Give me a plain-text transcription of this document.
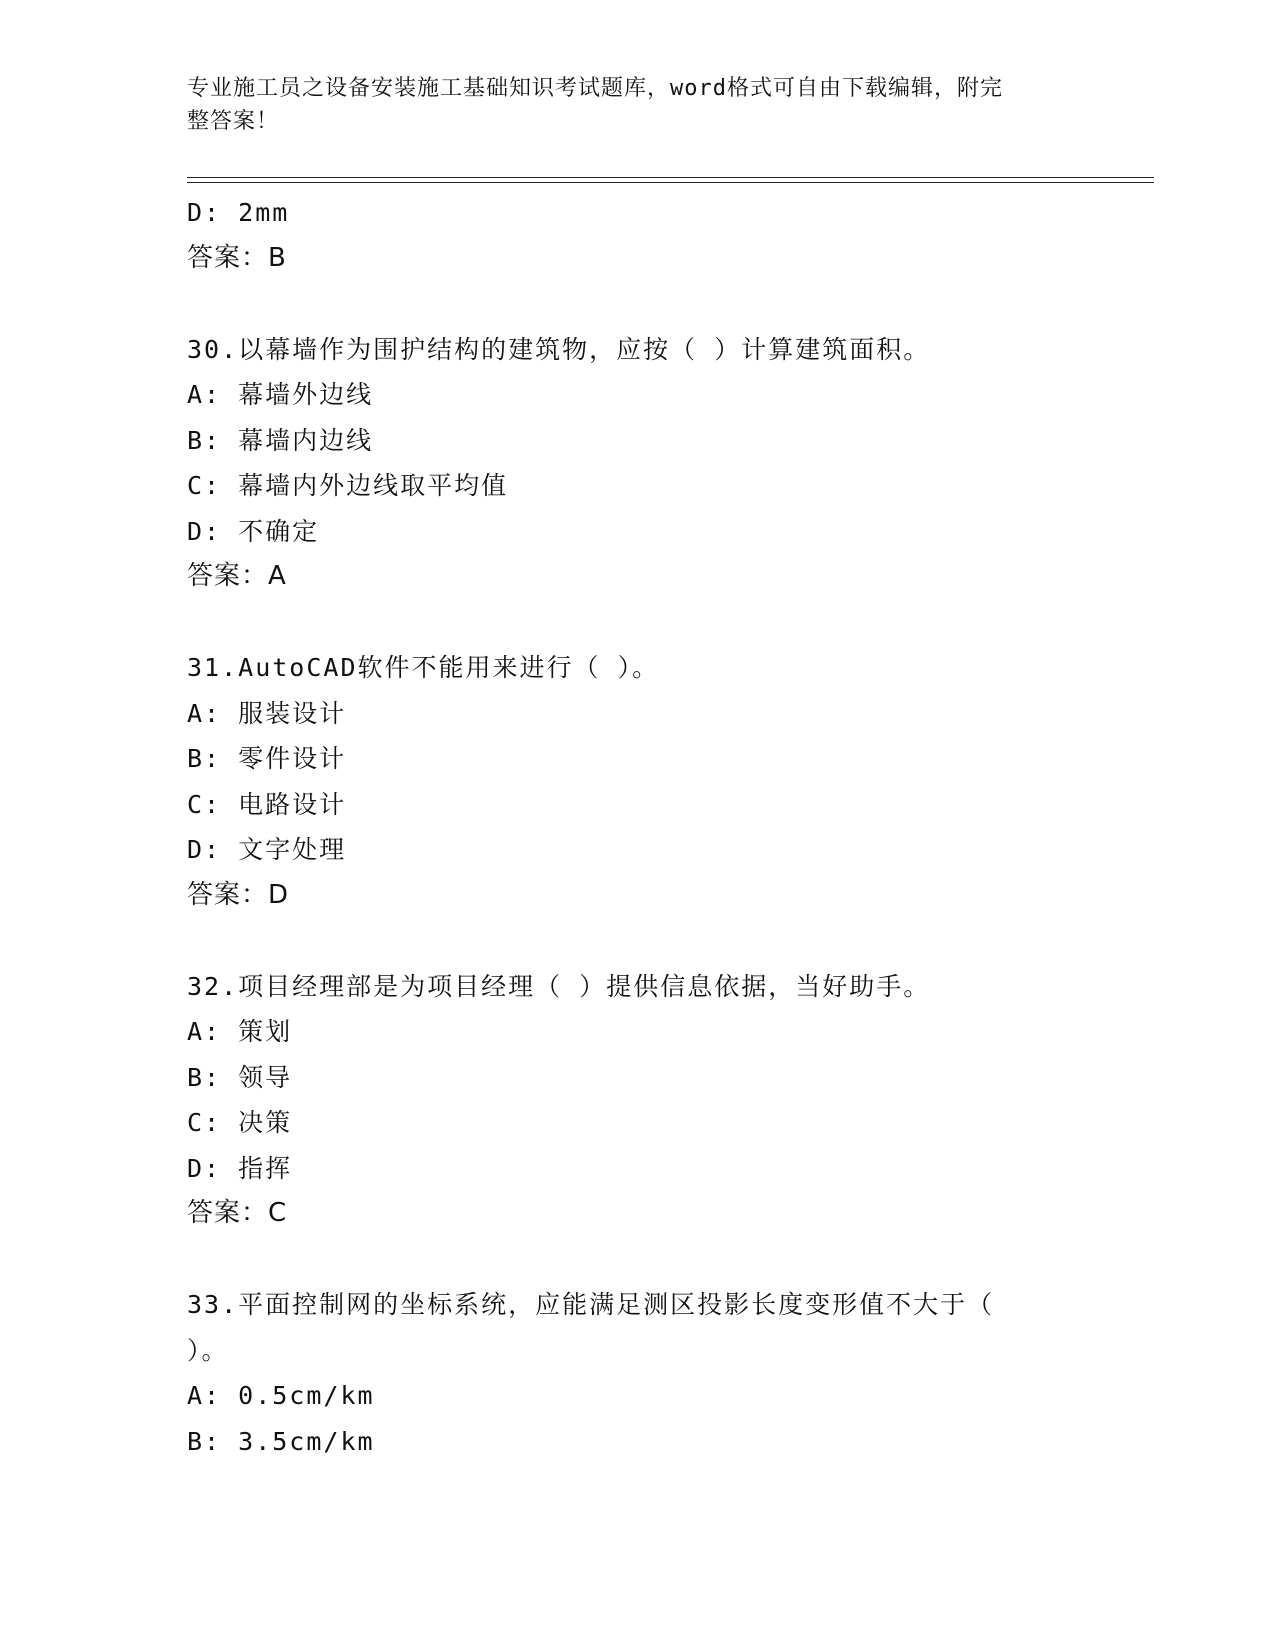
专业施工员之设备安装施工基础知识考试题库，word格式可自由下载编辑，附完
整答案！
D: 2mm
答案：B
30.以幕墙作为围护结构的建筑物，应按（ ）计算建筑面积。
A: 幕墙外边线
B: 幕墙内边线
C: 幕墙内外边线取平均值
D: 不确定
答案：A
31.AutoCAD软件不能用来进行（ ）。
A: 服装设计
B: 零件设计
C: 电路设计
D: 文字处理
答案：D
32.项目经理部是为项目经理（ ）提供信息依据，当好助手。
A: 策划
B: 领导
C: 决策
D: 指挥
答案：C
33.平面控制网的坐标系统，应能满足测区投影长度变形值不大于（
）。
A: 0.5cm/km
B: 3.5cm/km
